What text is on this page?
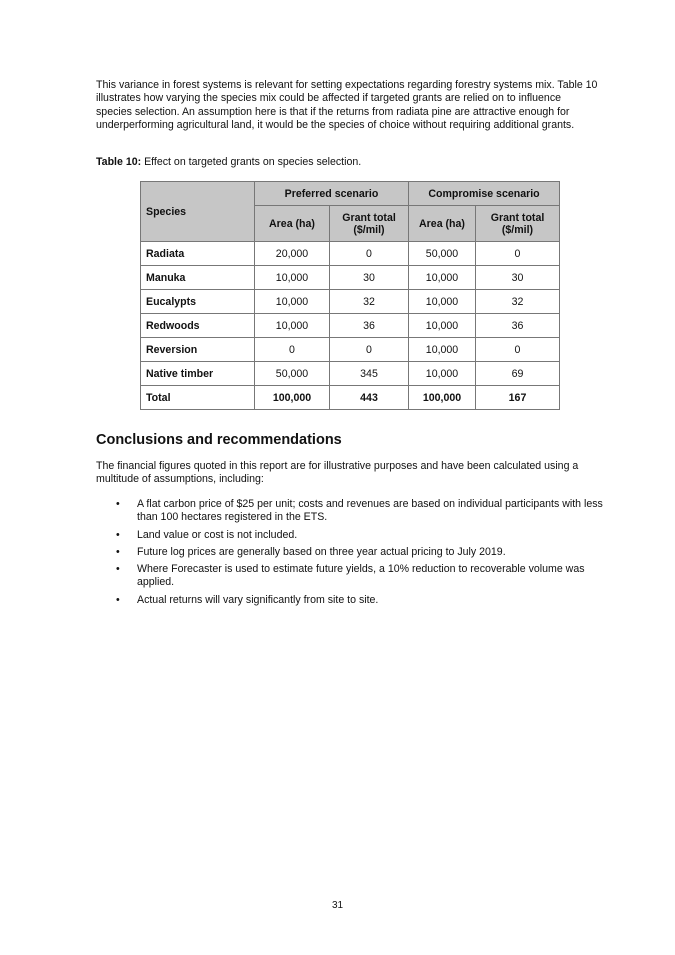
This variance in forest systems is relevant for setting expectations regarding forestry systems mix. Table 10 illustrates how varying the species mix could be affected if targeted grants are relied on to influence species selection. An assumption here is that if the returns from radiata pine are attractive enough for underperforming agricultural land, it would be the species of choice without requiring additional grants.

Table 10: Effect on targeted grants on species selection.

Species	Preferred scenario		Compromise scenario	
	Area (ha)	Grant total ($/mil)	Area (ha)	Grant total ($/mil)
Radiata	20,000	0	50,000	0
Manuka	10,000	30	10,000	30
Eucalypts	10,000	32	10,000	32
Redwoods	10,000	36	10,000	36
Reversion	0	0	10,000	0
Native timber	50,000	345	10,000	69
Total	100,000	443	100,000	167
Conclusions and recommendations

The financial figures quoted in this report are for illustrative purposes and have been calculated using a multitude of assumptions, including:

• A flat carbon price of $25 per unit; costs and revenues are based on individual participants with less than 100 hectares registered in the ETS.
• Land value or cost is not included.
• Future log prices are generally based on three year actual pricing to July 2019.
• Where Forecaster is used to estimate future yields, a 10% reduction to recoverable volume was applied.
• Actual returns will vary significantly from site to site.

31
